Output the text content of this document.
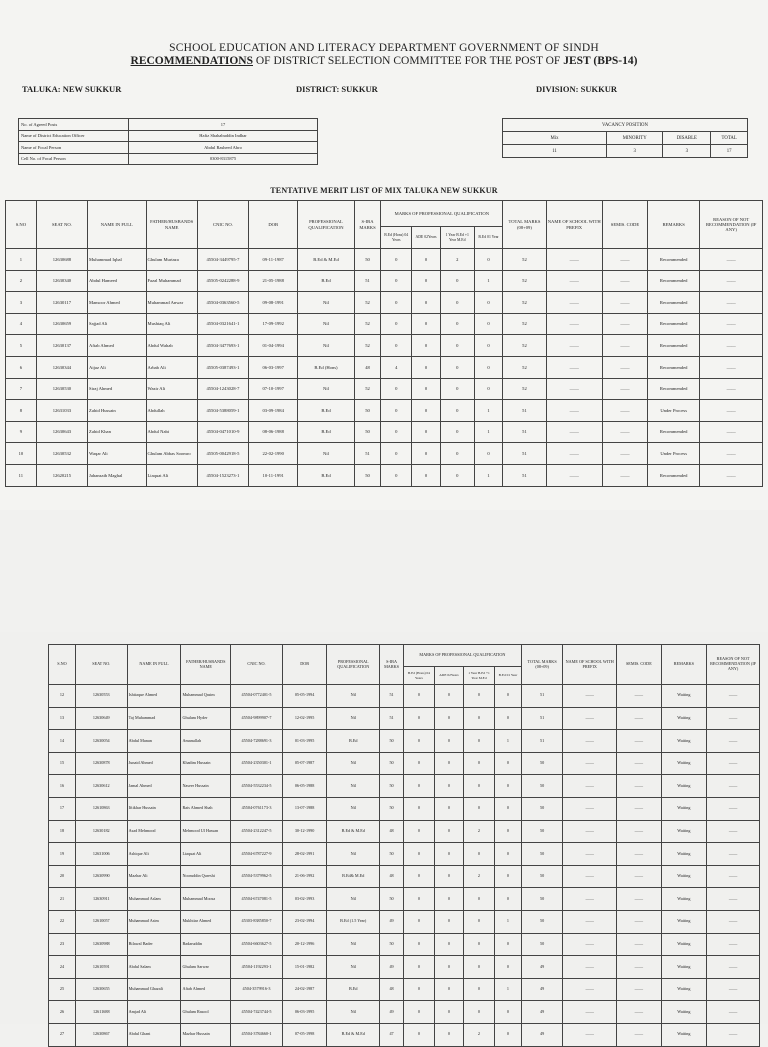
SCHOOL EDUCATION AND LITERACY DEPARTMENT GOVERNMENT OF SINDH
RECOMMENDATIONS OF DISTRICT SELECTION COMMITTEE FOR THE POST OF JEST (BPS-14)
TALUKA: NEW SUKKUR	DISTRICT: SUKKUR	DIVISION: SUKKUR
No. of Agreed Posts	17
Name of District Education Officer	Hafiz Shahabuddin Indhar
Name of Focal Person	Abdul Rasheed Abro
Cell No. of Focal Person	0300-8315875
VACANCY POSITION			
Mix	MINORITY	DISABLE	TOTAL
11	3	3	17
TENTATIVE MERIT LIST OF MIX TALUKA NEW SUKKUR
S.NO	SEAT NO.	NAME IN FULL	FATHER/HUSBANDS NAME	CNIC NO.	DOB	PROFESSIONAL QUALIFICATION	S-IBA MARKS	MARKS OF PROFESSIONAL QUALIFICATION				TOTAL MARKS (08+09)	NAME OF SCHOOL WITH PREFIX	SEMIS. CODE	REMARKS	REASON OF NOT RECOMMENDATION (IF ANY)
								B.Ed (Hons) 04 Years	ADE 02Years	1 Year B.Ed +1 Year M.Ed	B.Ed 01 Year					
1	12630688	Muhammad Iqbal	Ghulam Murtaza	45504-3449795-7	09-11-1987	B.Ed & M.Ed	50	0	0	2	0	52	——	——	Recommended	——
2	12630340	Abdul Hameed	Fazal Muhammad	45505-0242288-9	21-05-1988	B.Ed	51	0	0	0	1	52	——	——	Recommended	——
3	12630117	Mansoor Ahmed	Muhammad Anwar	45504-0363560-5	09-08-1991	Nil	52	0	0	0	0	52	——	——	Recommended	——
4	12630659	Sajjad Ali	Mushtaq Ali	45504-0321641-1	17-09-1992	Nil	52	0	0	0	0	52	——	——	Recommended	——
5	12630137	Aftab Ahmed	Abdul Wahab	45504-3477693-1	01-04-1994	Nil	52	0	0	0	0	52	——	——	Recommended	——
6	12630344	Aijaz Ali	Arbab Ali	45505-0387493-1	06-03-1997	B.Ed (Hons)	48	4	0	0	0	52	——	——	Recommended	——
7	12630530	Siraj Ahmed	Wazir Ali	45504-1243028-7	07-10-1997	Nil	52	0	0	0	0	52	——	——	Recommended	——
8	12631033	Zahid Hussain	Abdullah	45504-5388059-1	03-09-1984	B.Ed	50	0	0	0	1	51	——	——	Under Process	——
9	12630643	Zahid Khan	Abdul Nabi	45504-0471010-9	08-06-1988	B.Ed	50	0	0	0	1	51	——	——	Recommended	——
10	12630532	Waqar Ali	Ghulam Abbas Soomro	45505-0042918-5	22-02-1990	Nil	51	0	0	0	0	51	——	——	Under Process	——
11	12620215	Jahanzaib Maghal	Liaquat Ali	45504-1523273-1	10-11-1991	B.Ed	50	0	0	0	1	51	——	——	Recommended	——
S.NO	SEAT NO.	NAME IN FULL	FATHER/HUSBANDS NAME	CNIC NO.	DOB	PROFESSIONAL QUALIFICATION	S-IBA MARKS	MARKS OF PROFESSIONAL QUALIFICATION				TOTAL MARKS (08+09)	NAME OF SCHOOL WITH PREFIX	SEMIS. CODE	REMARKS	REASON OF NOT RECOMMENDATION (IF ANY)
								B.Ed (Hons) 04 Years	ADE 02Years	1 Year B.Ed +1 Year M.Ed	B.Ed 01 Year					
12	12630553	Ishtiaque Ahmed	Muhammad Qasim	45504-0772401-5	05-05-1994	Nil	51	0	0	0	0	51	——	——	Waiting	——
13	12630649	Taj Muhammad	Ghulam Hyder	45504-9899907-7	12-02-1995	Nil	51	0	0	0	0	51	——	——	Waiting	——
14	12630054	Abdul Manan	Amanullah	45504-7288691-3	01-03-1995	B.Ed	50	0	0	0	1	51	——	——	Waiting	——
15	12630878	Junaid Ahmed	Khadim Hussain	45504-2350301-1	05-07-1987	Nil	50	0	0	0	0	50	——	——	Waiting	——
16	12630612	Jamal Ahmed	Naseer Hussain	45504-5532234-5	06-05-1988	Nil	50	0	0	0	0	50	——	——	Waiting	——
17	12610863	Iftikhar Hussain	Rais Ahmed Shah	45504-0761173-3	13-07-1988	Nil	50	0	0	0	0	50	——	——	Waiting	——
18	12630182	Asad Mehmood	Mehmood Ul Hassan	45504-2312247-5	30-12-1990	B.Ed & M.Ed	48	0	0	2	0	50	——	——	Waiting	——
19	12631006	Ashique Ali	Liaquat Ali	45504-6787227-9	28-02-1991	Nil	50	0	0	0	0	50	——	——	Waiting	——
20	12630990	Mazhar Ali	Nooruddin Qureshi	45504-5379962-5	21-06-1992	B.Ed& M.Ed	48	0	0	2	0	50	——	——	Waiting	——
21	12630911	Muhammad Aslam	Muhammad Moosa	45504-6747081-5	03-02-1993	Nil	50	0	0	0	0	50	——	——	Waiting	——
22	12610057	Muhammad Asim	Mukhtiar Ahmed	45303-8385850-7	23-02-1994	B.Ed (1.5 Year)	49	0	0	0	1	50	——	——	Waiting	——
23	12630988	Bilawal Bader	Badaruddin	45504-6603627-5	20-12-1996	Nil	50	0	0	0	0	50	——	——	Waiting	——
24	12610591	Abdul Salam	Ghulam Sarwar	45504-1192293-1	15-01-1982	Nil	49	0	0	0	0	49	——	——	Waiting	——
25	12630655	Muhammad Ghazali	Aftab Ahmed	4504-3579916-3	24-02-1987	B.Ed	48	0	0	0	1	49	——	——	Waiting	——
26	12611688	Amjad Ali	Ghulam Rasool	45504-7423744-5	06-03-1995	Nil	49	0	0	0	0	49	——	——	Waiting	——
27	12630867	Abdul Ghani	Mazhar Hussain	45504-3784660-1	07-05-1998	B.Ed & M.Ed	47	0	0	2	0	49	——	——	Waiting	——
